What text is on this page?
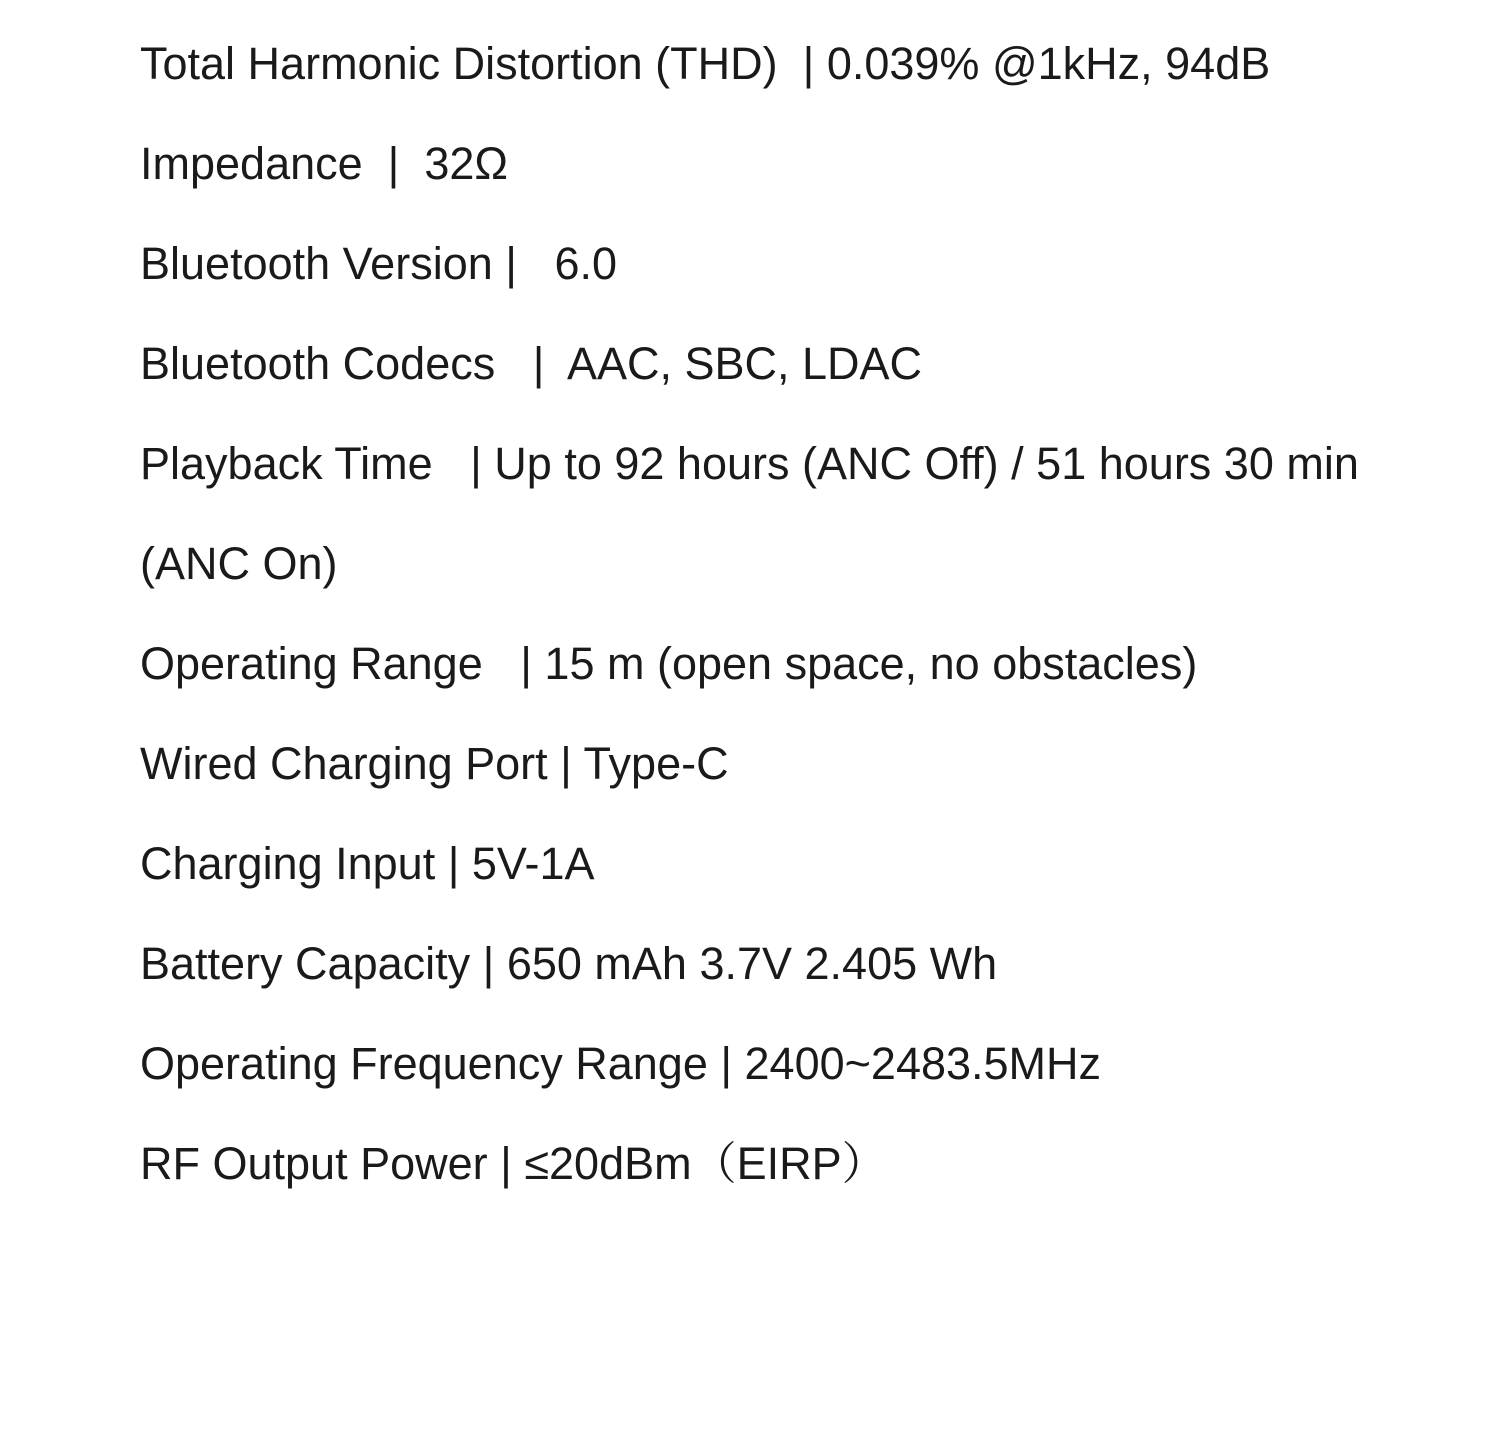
Total Harmonic Distortion (THD)  | 0.039% @1kHz, 94dB

Impedance  |  32Ω

Bluetooth Version |   6.0

Bluetooth Codecs   |  AAC, SBC, LDAC

Playback Time   | Up to 92 hours (ANC Off) / 51 hours 30 min

(ANC On)

Operating Range   | 15 m (open space, no obstacles)

Wired Charging Port | Type-C

Charging Input | 5V-1A

Battery Capacity | 650 mAh 3.7V 2.405 Wh

Operating Frequency Range | 2400~2483.5MHz

RF Output Power | ≤20dBm（EIRP）
